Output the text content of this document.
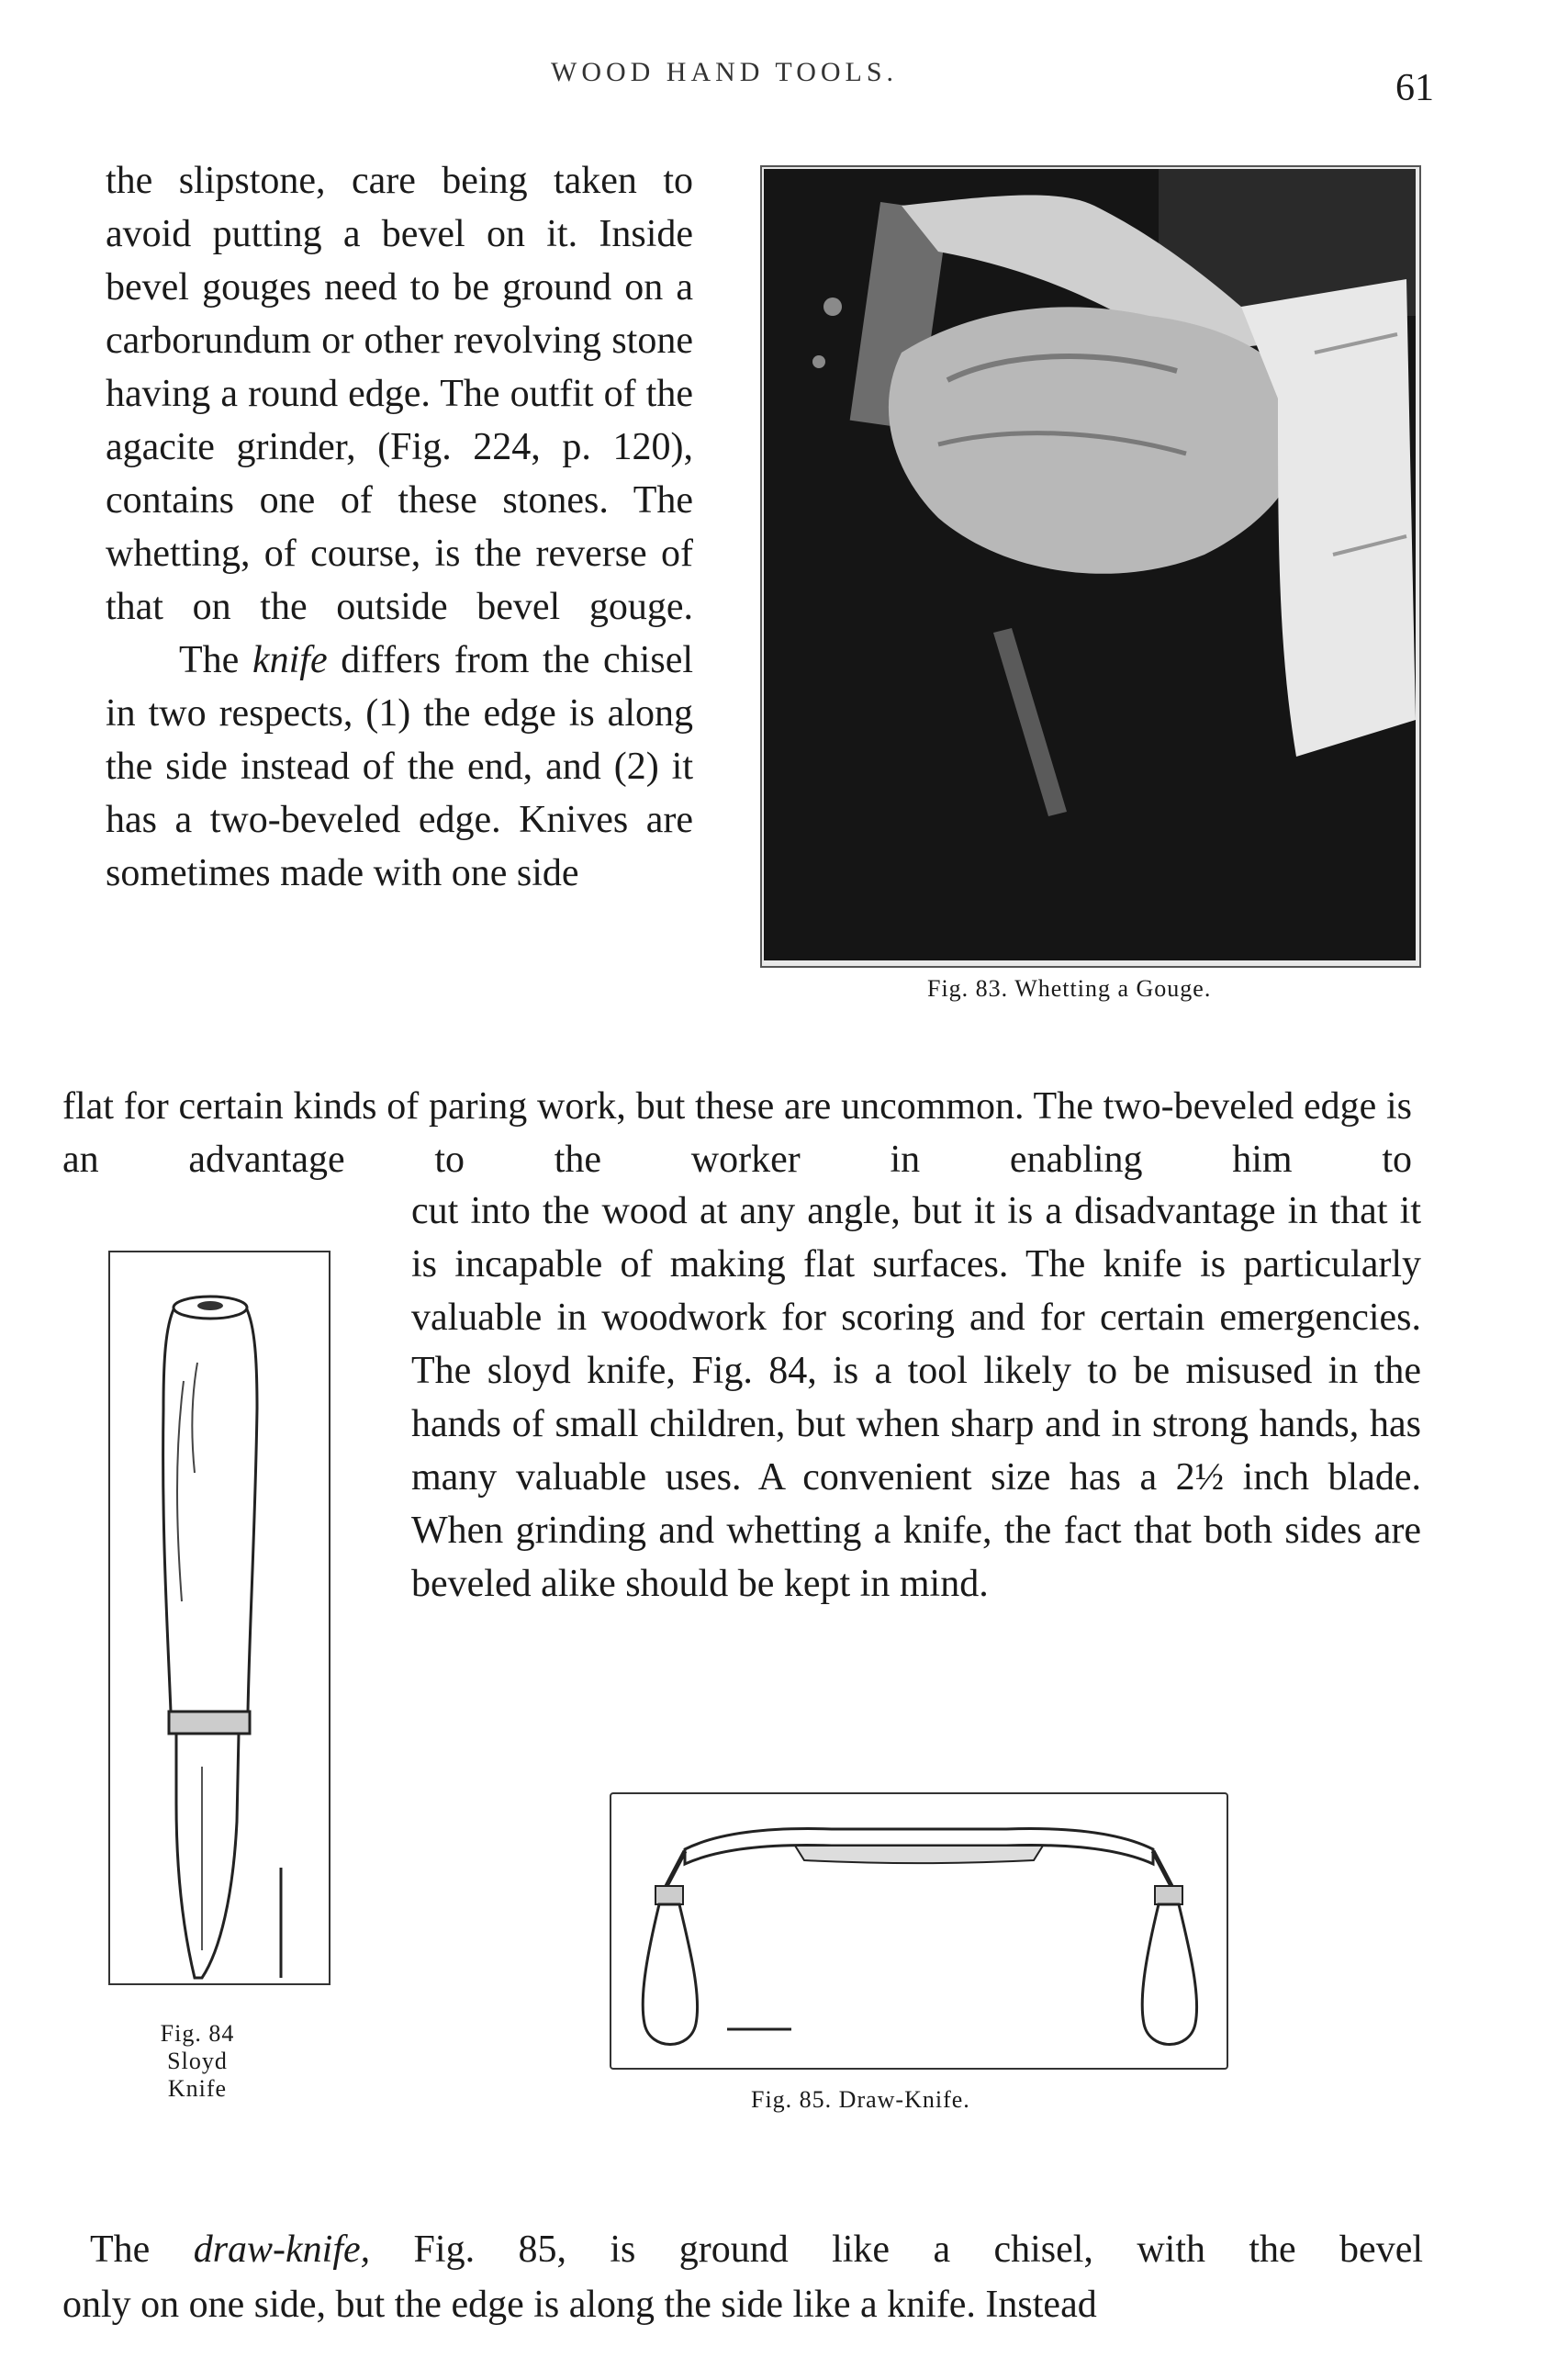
WOOD HAND TOOLS.	61

the slipstone, care being taken to avoid putting a bevel on it. Inside bevel gouges need to be ground on a carborundum or other revolving stone having a round edge. The outfit of the agacite grinder, (Fig. 224, p. 120), contains one of these stones. The whetting, of course, is the reverse of that on the outside bevel gouge.

The knife differs from the chisel in two respects, (1) the edge is along the side instead of the end, and (2) it has a two-beveled edge. Knives are sometimes made with one side

Fig. 83. Whetting a Gouge.
flat for certain kinds of paring work, but these are uncommon. The two-beveled edge is an advantage to the worker in enabling him to
cut into the wood at any angle, but it is a disadvantage in that it is incapable of making flat surfaces. The knife is particularly valuable in woodwork for scoring and for certain emergencies. The sloyd knife, Fig. 84, is a tool likely to be misused in the hands of small children, but when sharp and in strong hands, has many valuable uses. A convenient size has a 2½ inch blade. When grinding and whetting a knife, the fact that both sides are beveled alike should be kept in mind.
Fig. 84
Sloyd Knife	Fig. 85. Draw-Knife.
The draw-knife, Fig. 85, is ground like a chisel, with the bevel
only on one side, but the edge is along the side like a knife. Instead
